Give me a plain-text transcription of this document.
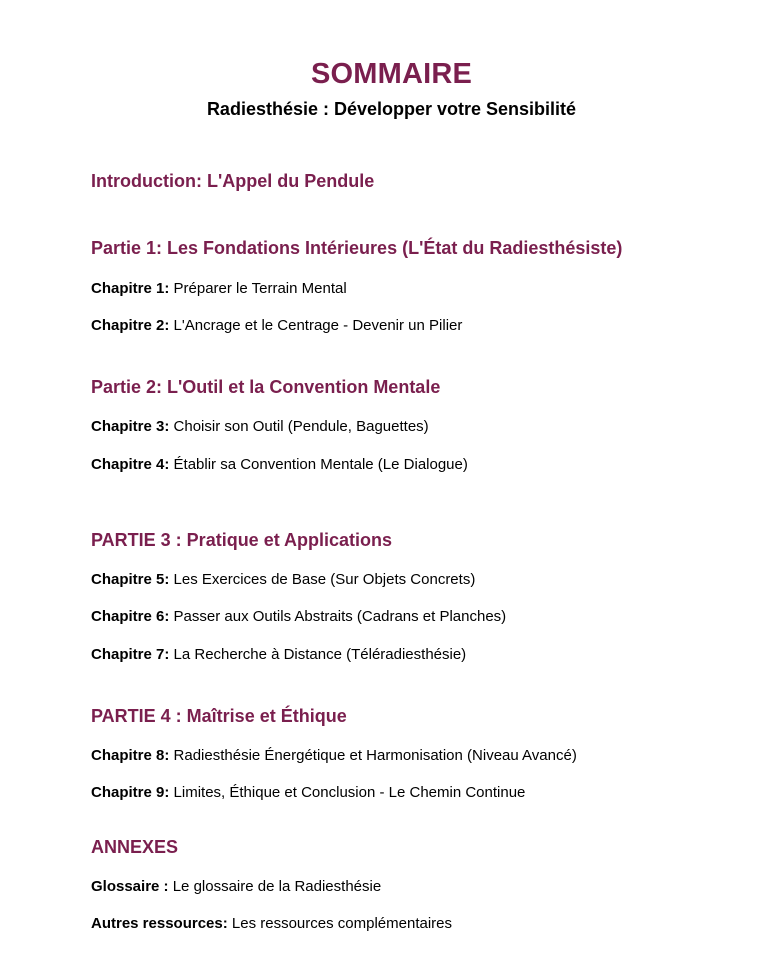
SOMMAIRE
Radiesthésie : Développer votre Sensibilité
Introduction: L'Appel du Pendule
Partie 1: Les Fondations Intérieures (L'État du Radiesthésiste)
Chapitre 1: Préparer le Terrain Mental
Chapitre 2: L'Ancrage et le Centrage - Devenir un Pilier
Partie 2: L'Outil et la Convention Mentale
Chapitre 3: Choisir son Outil (Pendule, Baguettes)
Chapitre 4: Établir sa Convention Mentale (Le Dialogue)
PARTIE 3 : Pratique et Applications
Chapitre 5: Les Exercices de Base (Sur Objets Concrets)
Chapitre 6: Passer aux Outils Abstraits (Cadrans et Planches)
Chapitre 7: La Recherche à Distance (Téléradiesthésie)
PARTIE 4 : Maîtrise et Éthique
Chapitre 8: Radiesthésie Énergétique et Harmonisation (Niveau Avancé)
Chapitre 9: Limites, Éthique et Conclusion - Le Chemin Continue
ANNEXES
Glossaire : Le glossaire de la Radiesthésie
Autres ressources: Les ressources complémentaires
